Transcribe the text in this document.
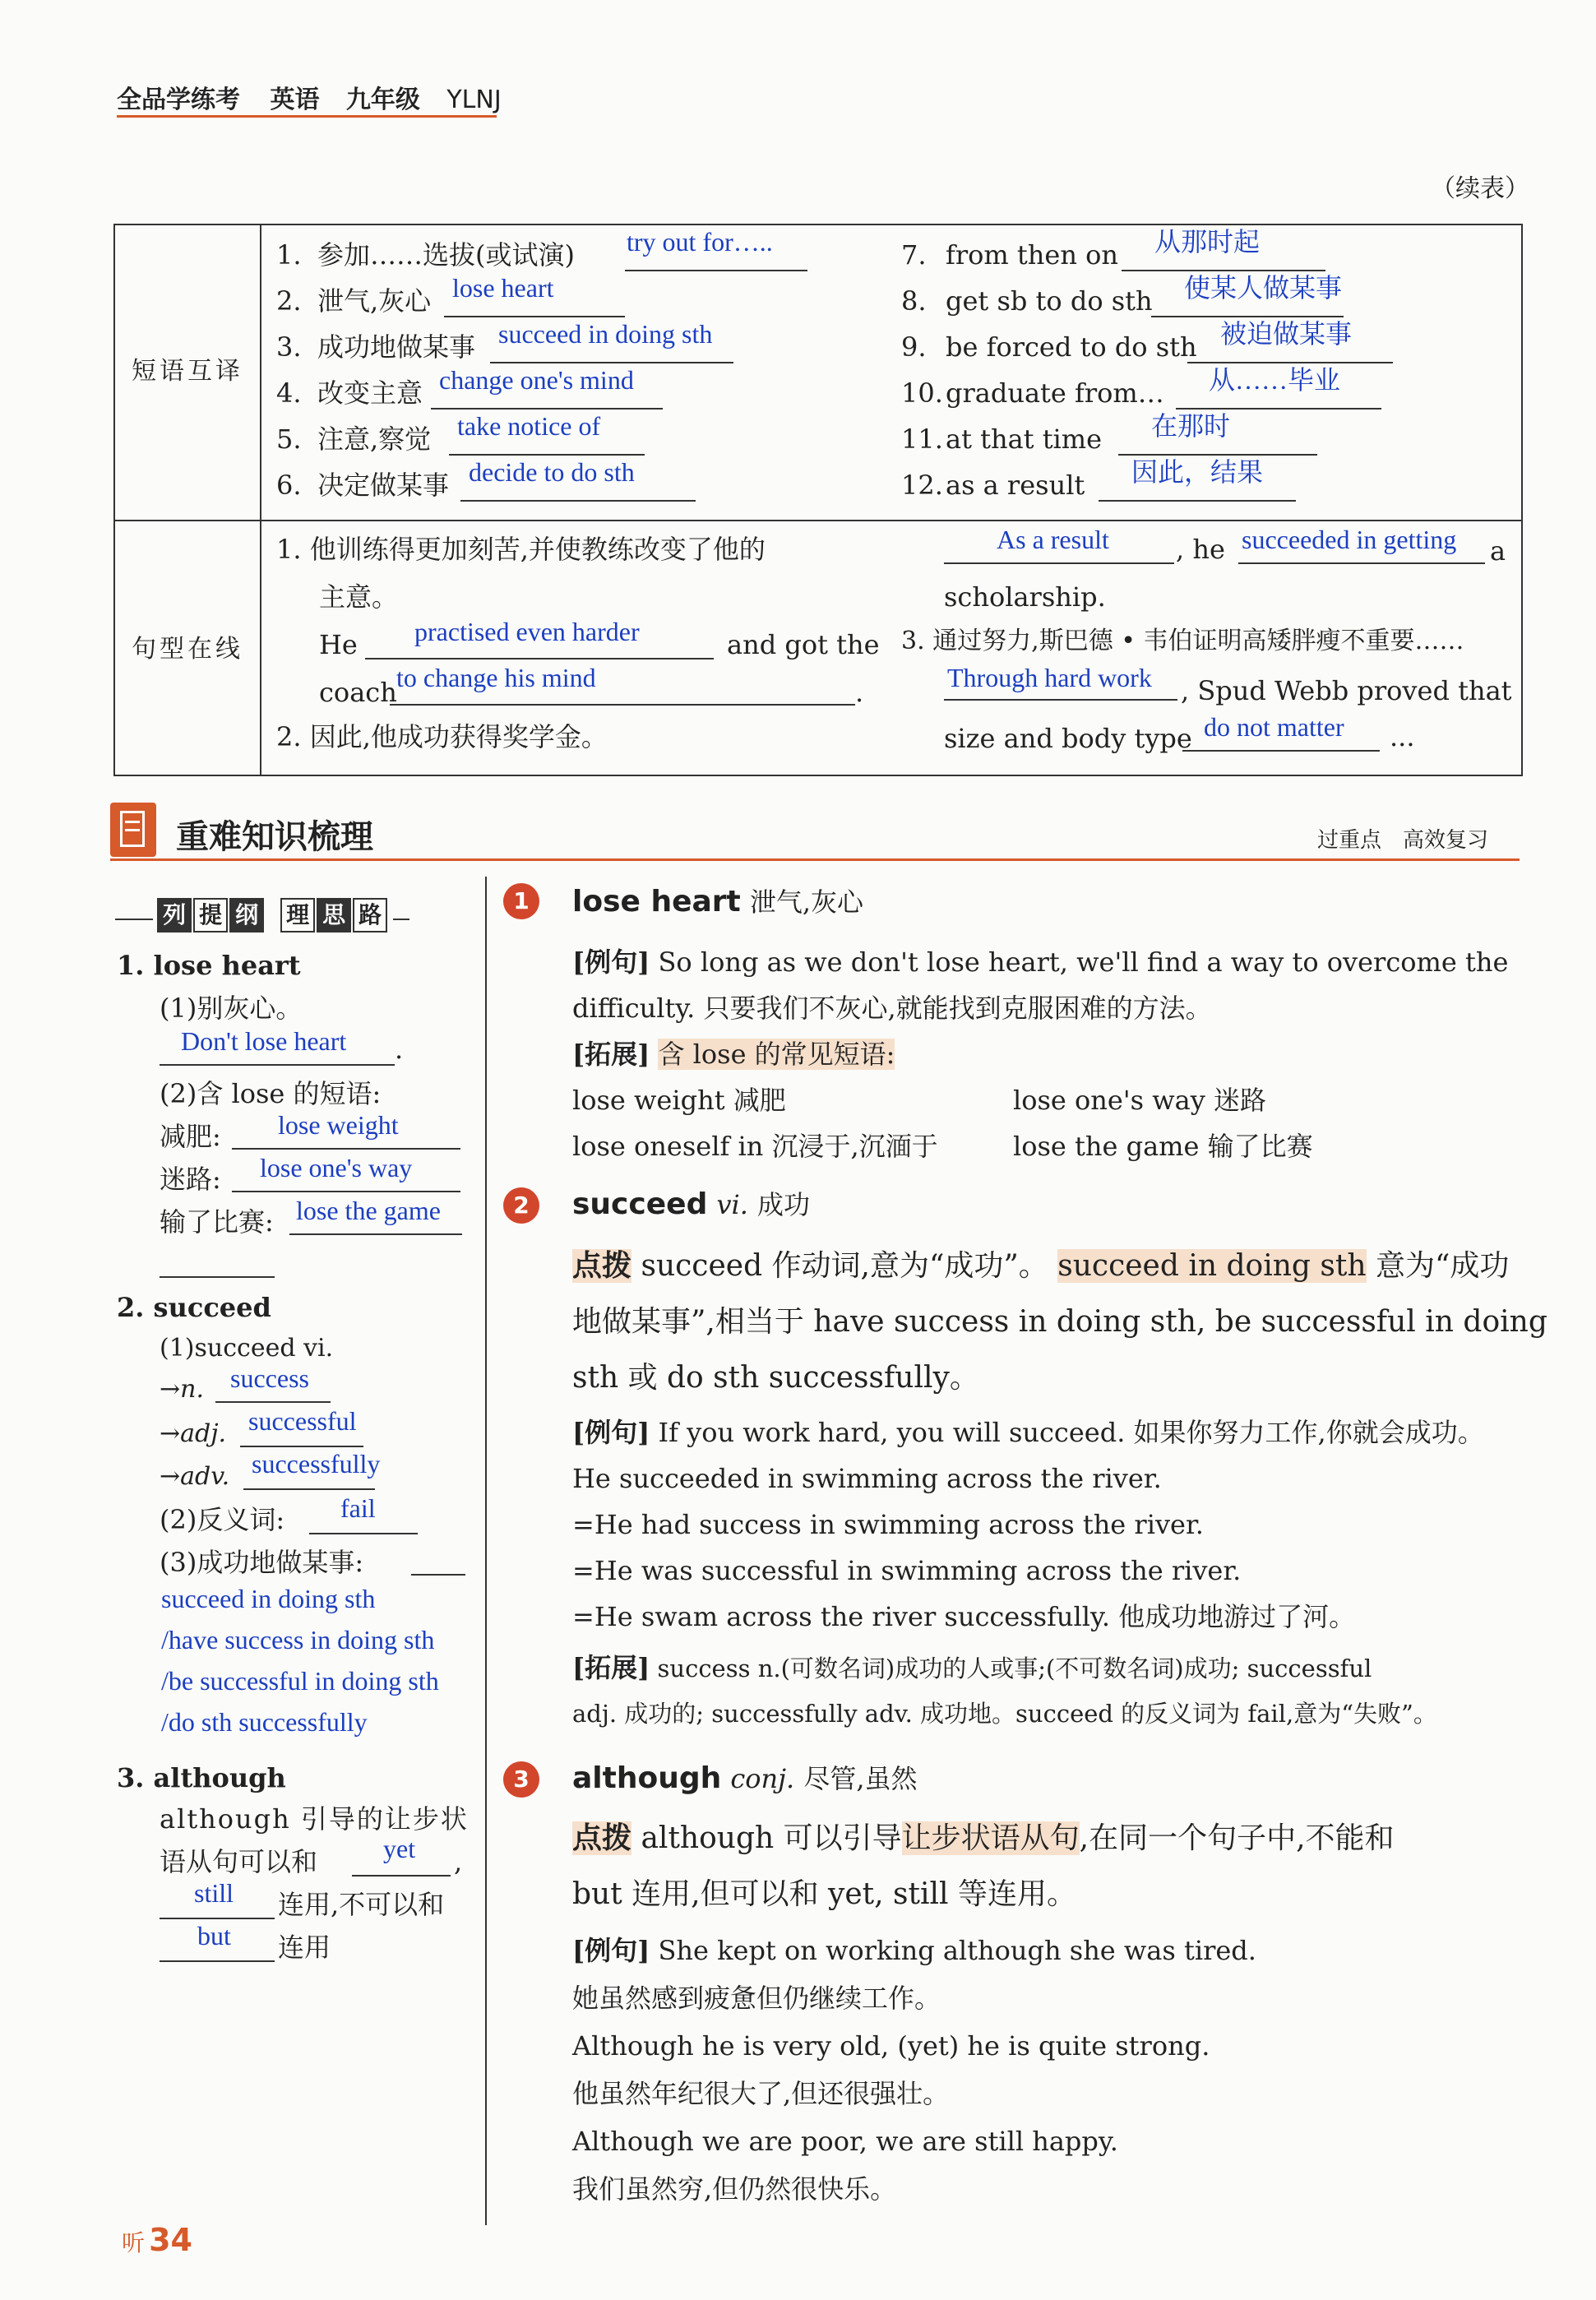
全品学练考 英语 九年级 YLNJ
（续表）
短语互译
句型在线
1. 参加……选拔(或试演) try out for…..
2. 泄气,灰心 lose heart
3. 成功地做某事 succeed in doing sth
4. 改变主意 change one's mind
5. 注意,察觉 take notice of
6. 决定做某事 decide to do sth
7. from then on 从那时起
8. get sb to do sth 使某人做某事
9. be forced to do sth 被迫做某事
10. graduate from… 从……毕业
11. at that time 在那时
12. as a result 因此，结果
1. 他训练得更加刻苦,并使教练改变了他的
主意。
He practised even harder	and got the
coach to change his mind	.
2. 因此,他成功获得奖学金。
As a result	, he succeeded in getting a
scholarship.
3. 通过努力,斯巴德 • 韦伯证明高矮胖瘦不重要……
Through hard work , Spud Webb proved that
size and body type do not matter ...
重难知识梳理	过重点　高效复习
列 提 纲 理 思 路
1. lose heart
(1)别灰心。
Don't lose heart .
(2)含 lose 的短语:
减肥: lose weight
迷路: lose one's way
输了比赛: lose the game
2. succeed
(1)succeed vi.
→n. success
→adj. successful
→adv. successfully
(2)反义词: fail
(3)成功地做某事:
succeed in doing sth
/have success in doing sth
/be successful in doing sth
/do sth successfully
3. although
although 引导的让步状
语从句可以和 yet ,
still 连用,不可以和
but 连用
1	lose heart 泄气,灰心
[例句] So long as we don't lose heart, we'll find a way to overcome the
difficulty. 只要我们不灰心,就能找到克服困难的方法。
[拓展] 含 lose 的常见短语:
lose weight 减肥	lose one's way 迷路
lose oneself in 沉浸于,沉湎于	lose the game 输了比赛
2	succeed vi. 成功
点拨 succeed 作动词,意为“成功”。 succeed in doing sth 意为“成功
地做某事”,相当于 have success in doing sth, be successful in doing
sth 或 do sth successfully。
[例句] If you work hard, you will succeed. 如果你努力工作,你就会成功。
He succeeded in swimming across the river.
=He had success in swimming across the river.
=He was successful in swimming across the river.
=He swam across the river successfully. 他成功地游过了河。
[拓展] success n.(可数名词)成功的人或事;(不可数名词)成功; successful
adj. 成功的; successfully adv. 成功地。succeed 的反义词为 fail,意为“失败”。
3	although conj. 尽管,虽然
点拨 although 可以引导让步状语从句,在同一个句子中,不能和
but 连用,但可以和 yet, still 等连用。
[例句] She kept on working although she was tired.
她虽然感到疲惫但仍继续工作。
Although he is very old, (yet) he is quite strong.
他虽然年纪很大了,但还很强壮。
Although we are poor, we are still happy.
我们虽然穷,但仍然很快乐。
听 34
